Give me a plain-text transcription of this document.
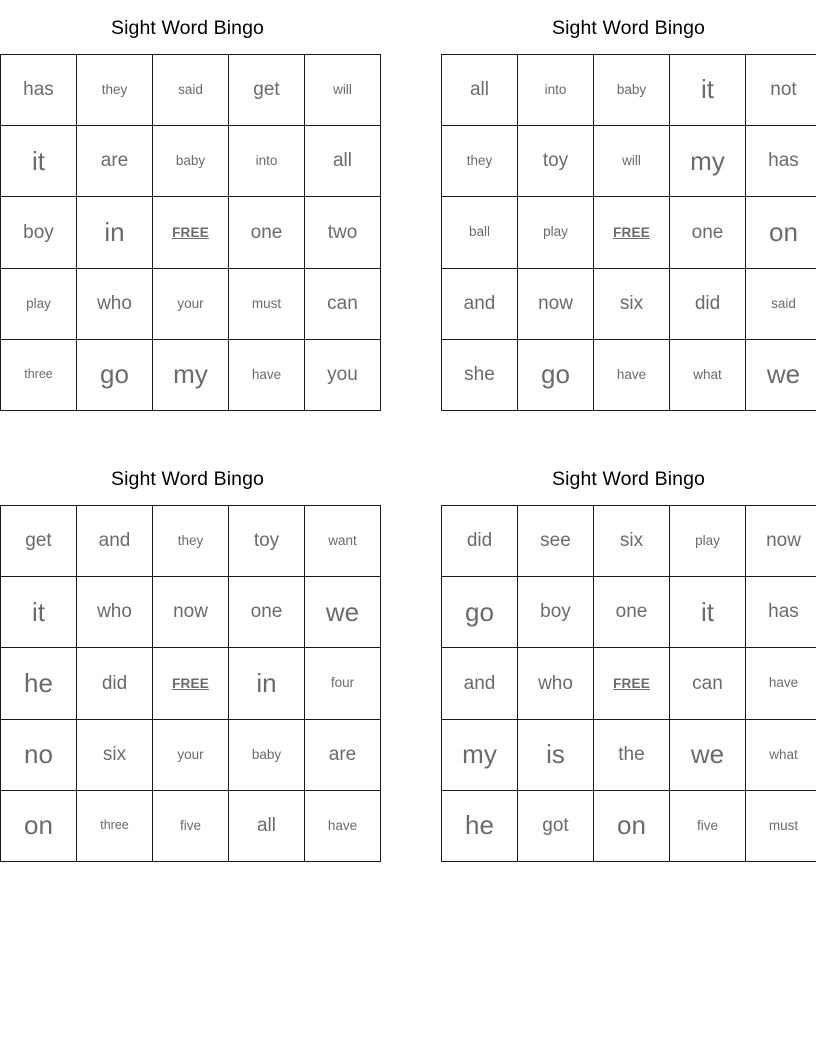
Sight Word Bingo
has	they	said	get	will

it	are	baby	into	all

boy	in	FREE	one	two

play	who	your	must	can

three	go	my	have	you
Sight Word Bingo
all	into	baby	it	not

they	toy	will	my	has

ball	play	FREE	one	on

and	now	six	did	said

she	go	have	what	we
Sight Word Bingo
get	and	they	toy	want

it	who	now	one	we

he	did	FREE	in	four

no	six	your	baby	are

on	three	five	all	have
Sight Word Bingo
did	see	six	play	now

go	boy	one	it	has

and	who	FREE	can	have

my	is	the	we	what

he	got	on	five	must
